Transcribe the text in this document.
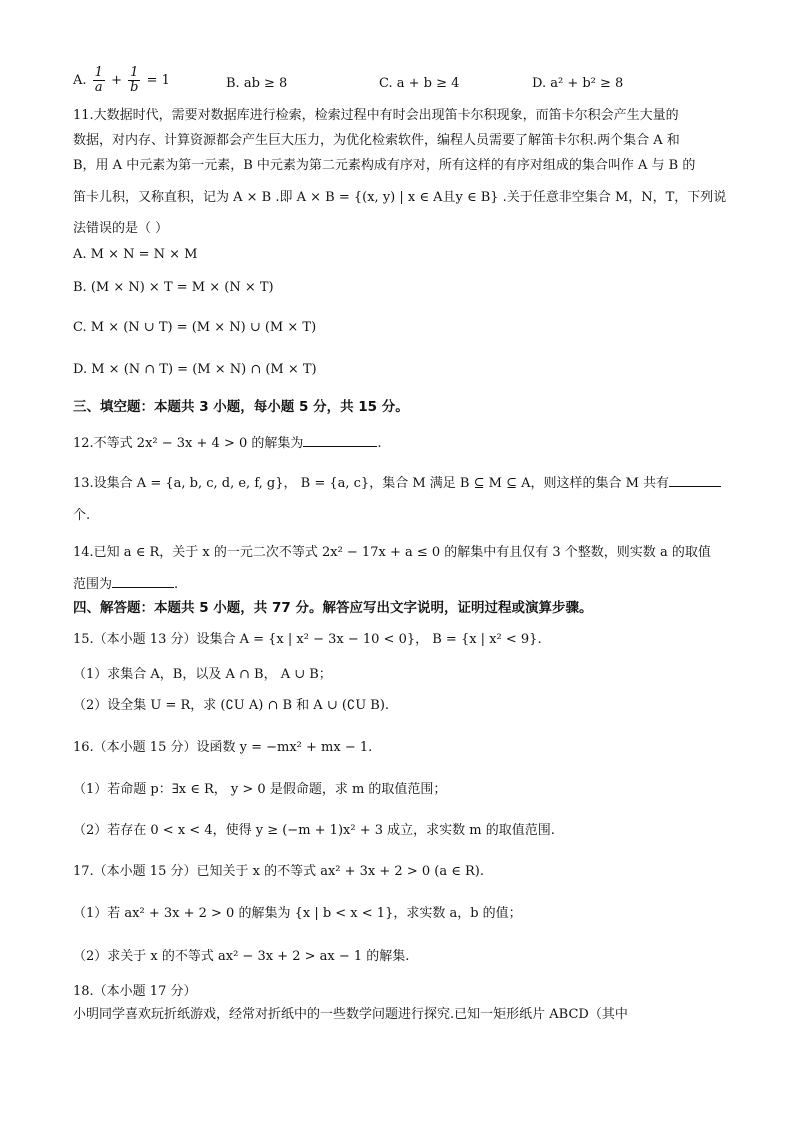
A. $\frac{1}{a} + \frac{1}{b} = 1$	B. ab ≥ 8	C. a + b ≥ 4	D. a² + b² ≥ 8
11.大数据时代，需要对数据库进行检索，检索过程中有时会出现笛卡尔积现象，而笛卡尔积会产生大量的
数据，对内存、计算资源都会产生巨大压力，为优化检索软件，编程人员需要了解笛卡尔积.两个集合 A 和
B，用 A 中元素为第一元素，B 中元素为第二元素构成有序对，所有这样的有序对组成的集合叫作 A 与 B 的
笛卡儿积，又称直积，记为 A × B .即 A × B = {(x, y) | x ∈ A且y ∈ B} .关于任意非空集合 M，N，T，下列说
法错误的是（ ）
A. M × N = N × M
B. (M × N) × T = M × (N × T)
C. M × (N ∪ T) = (M × N) ∪ (M × T)
D. M × (N ∩ T) = (M × N) ∩ (M × T)
三、填空题：本题共 3 小题，每小题 5 分，共 15 分。
12.不等式 2x² − 3x + 4 > 0 的解集为	.
13.设集合 A = {a, b, c, d, e, f, g}， B = {a, c}，集合 M 满足 B ⊆ M ⊆ A，则这样的集合 M 共有
个.
14.已知 a ∈ R，关于 x 的一元二次不等式 2x² − 17x + a ≤ 0 的解集中有且仅有 3 个整数，则实数 a 的取值
范围为	.
四、解答题：本题共 5 小题，共 77 分。解答应写出文字说明，证明过程或演算步骤。
15.（本小题 13 分）设集合 A = {x | x² − 3x − 10 < 0}， B = {x | x² < 9}.
（1）求集合 A，B，以及 A ∩ B， A ∪ B；
（2）设全集 U = R，求 (∁U A) ∩ B 和 A ∪ (∁U B).
16.（本小题 15 分）设函数 y = −mx² + mx − 1.
（1）若命题 p：∃x ∈ R， y > 0 是假命题，求 m 的取值范围；
（2）若存在 0 < x < 4，使得 y ≥ (−m + 1)x² + 3 成立，求实数 m 的取值范围.
17.（本小题 15 分）已知关于 x 的不等式 ax² + 3x + 2 > 0 (a ∈ R).
（1）若 ax² + 3x + 2 > 0 的解集为 {x | b < x < 1}，求实数 a，b 的值；
（2）求关于 x 的不等式 ax² − 3x + 2 > ax − 1 的解集.
18.（本小题 17 分）
小明同学喜欢玩折纸游戏，经常对折纸中的一些数学问题进行探究.已知一矩形纸片 ABCD（其中
